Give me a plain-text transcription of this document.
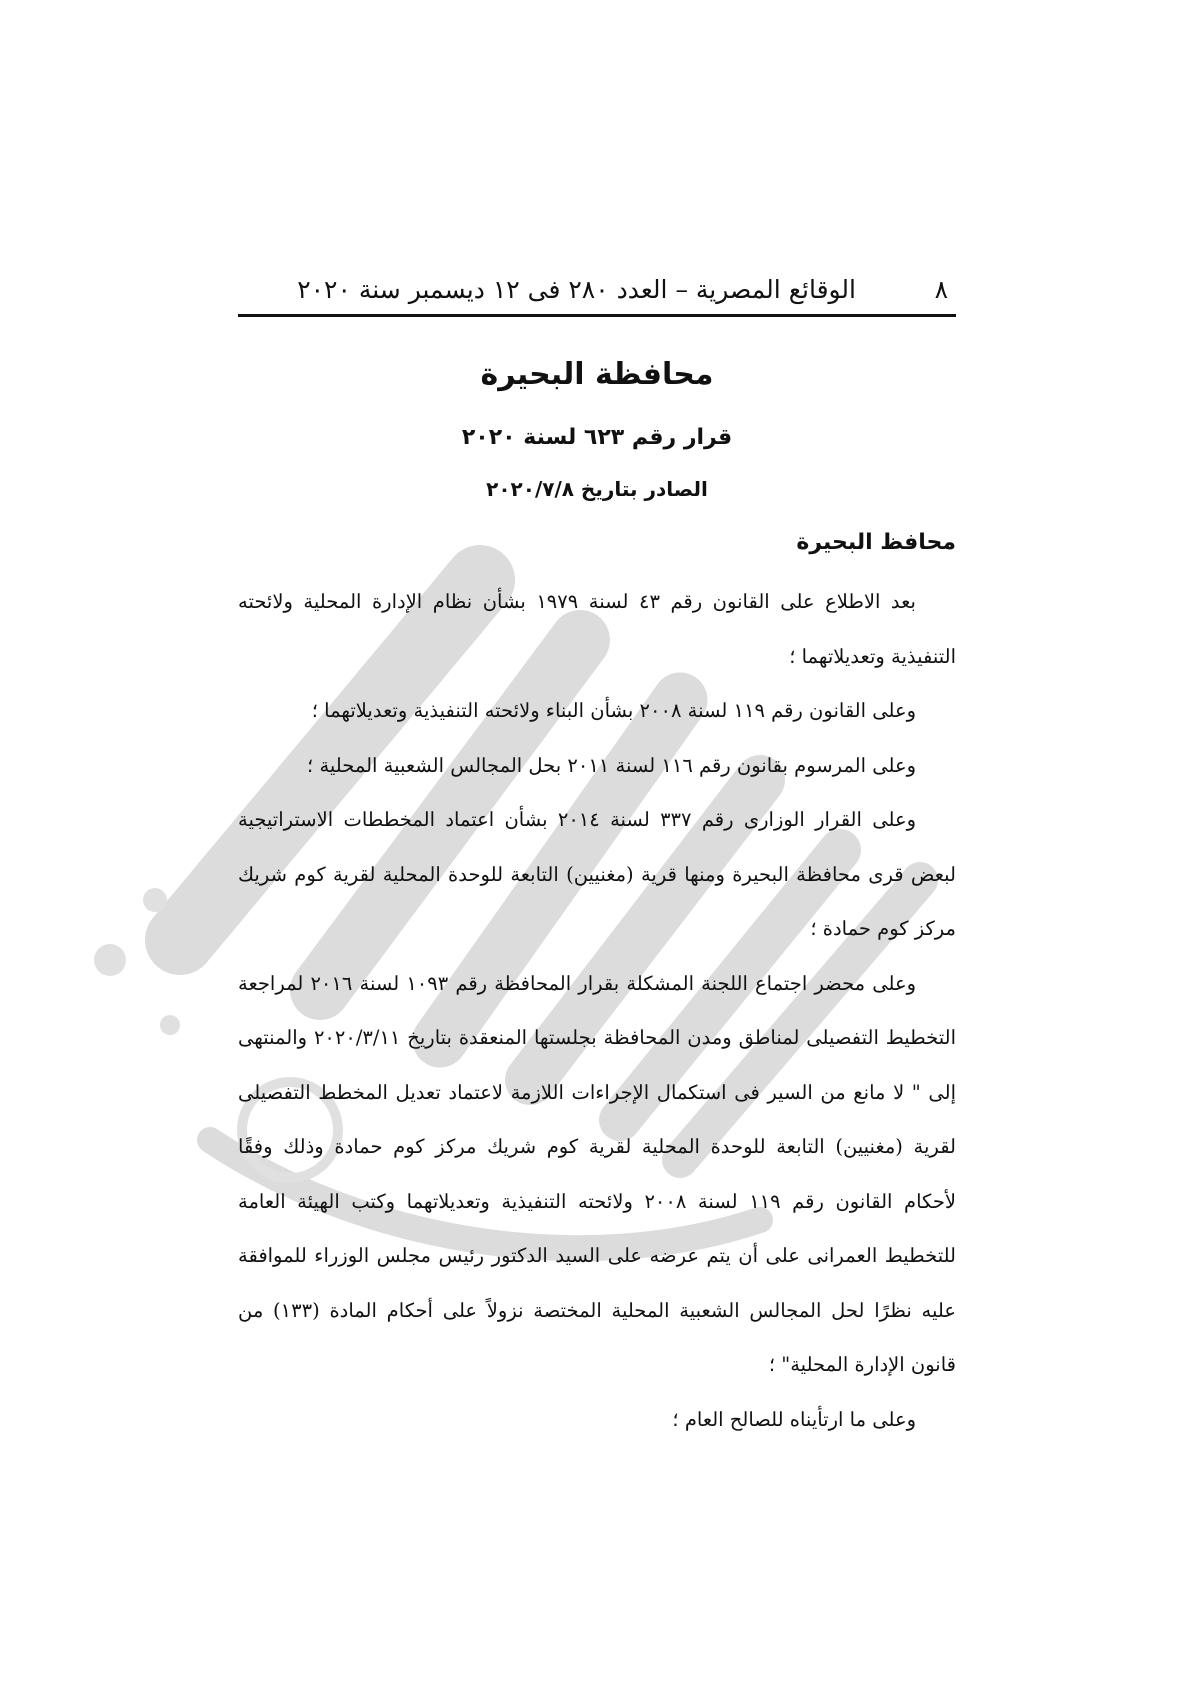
الوقائع المصرية – العدد ٢٨٠ فى ١٢ ديسمبر سنة ٢٠٢٠	٨
محافظة البحيرة
قرار رقم ٦٢٣ لسنة ٢٠٢٠
الصادر بتاريخ ٢٠٢٠/٧/٨
محافظ البحيرة

بعد الاطلاع على القانون رقم ٤٣ لسنة ١٩٧٩ بشأن نظام الإدارة المحلية ولائحته التنفيذية وتعديلاتهما ؛

وعلى القانون رقم ١١٩ لسنة ٢٠٠٨ بشأن البناء ولائحته التنفيذية وتعديلاتهما ؛

وعلى المرسوم بقانون رقم ١١٦ لسنة ٢٠١١ بحل المجالس الشعبية المحلية ؛

وعلى القرار الوزارى رقم ٣٣٧ لسنة ٢٠١٤ بشأن اعتماد المخططات الاستراتيجية لبعض قرى محافظة البحيرة ومنها قرية (مغنيين) التابعة للوحدة المحلية لقرية كوم شريك مركز كوم حمادة ؛

وعلى محضر اجتماع اللجنة المشكلة بقرار المحافظة رقم ١٠٩٣ لسنة ٢٠١٦ لمراجعة التخطيط التفصيلى لمناطق ومدن المحافظة بجلستها المنعقدة بتاريخ ٢٠٢٠/٣/١١ والمنتهى إلى " لا مانع من السير فى استكمال الإجراءات اللازمة لاعتماد تعديل المخطط التفصيلى لقرية (مغنيين) التابعة للوحدة المحلية لقرية كوم شريك مركز كوم حمادة وذلك وفقًا لأحكام القانون رقم ١١٩ لسنة ٢٠٠٨ ولائحته التنفيذية وتعديلاتهما وكتب الهيئة العامة للتخطيط العمرانى على أن يتم عرضه على السيد الدكتور رئيس مجلس الوزراء للموافقة عليه نظرًا لحل المجالس الشعبية المحلية المختصة نزولاً على أحكام المادة (١٣٣) من قانون الإدارة المحلية" ؛

وعلى ما ارتأيناه للصالح العام ؛
